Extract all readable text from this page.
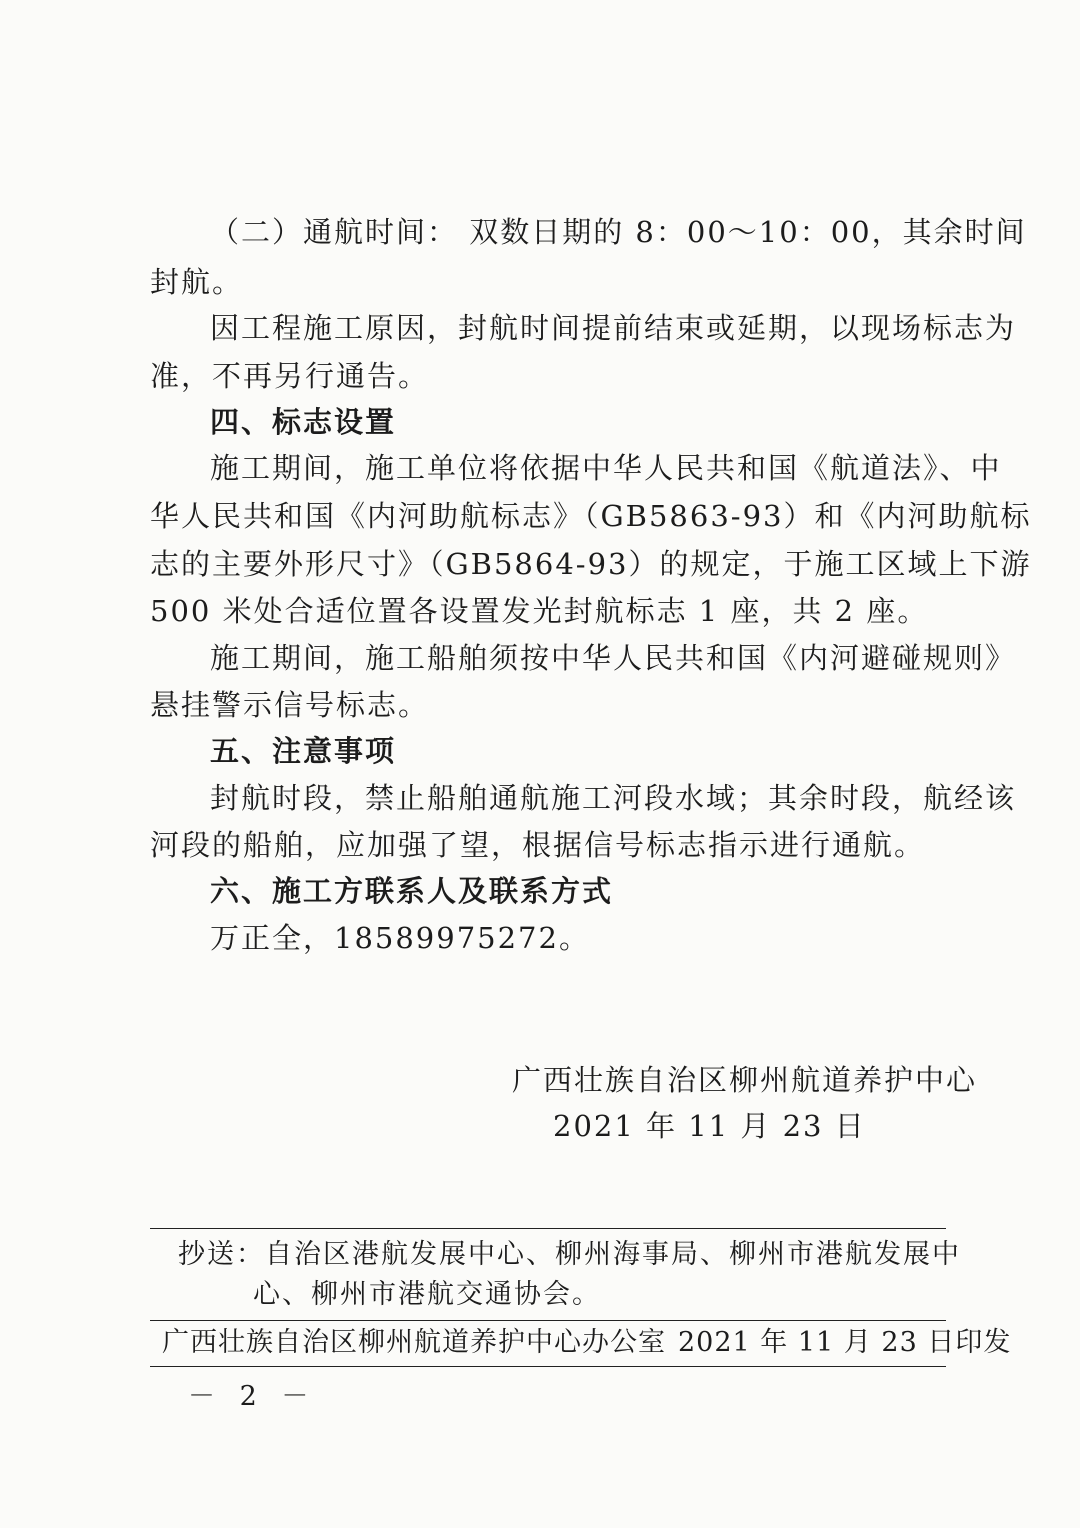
（二）通航时间： 双数日期的 8：00～10：00，其余时间
封航。
因工程施工原因，封航时间提前结束或延期，以现场标志为
准，不再另行通告。
四、标志设置
施工期间，施工单位将依据中华人民共和国《航道法》、中
华人民共和国《内河助航标志》（GB5863-93）和《内河助航标
志的主要外形尺寸》（GB5864-93）的规定，于施工区域上下游
500 米处合适位置各设置发光封航标志 1 座，共 2 座。
施工期间，施工船舶须按中华人民共和国《内河避碰规则》
悬挂警示信号标志。
五、注意事项
封航时段，禁止船舶通航施工河段水域；其余时段，航经该
河段的船舶，应加强了望，根据信号标志指示进行通航。
六、施工方联系人及联系方式
万正全，18589975272。
广西壮族自治区柳州航道养护中心
2021 年 11 月 23 日
抄送：自治区港航发展中心、柳州海事局、柳州市港航发展中
心、柳州市港航交通协会。
广西壮族自治区柳州航道养护中心办公室 2021 年 11 月 23 日印发
－ 2 －
